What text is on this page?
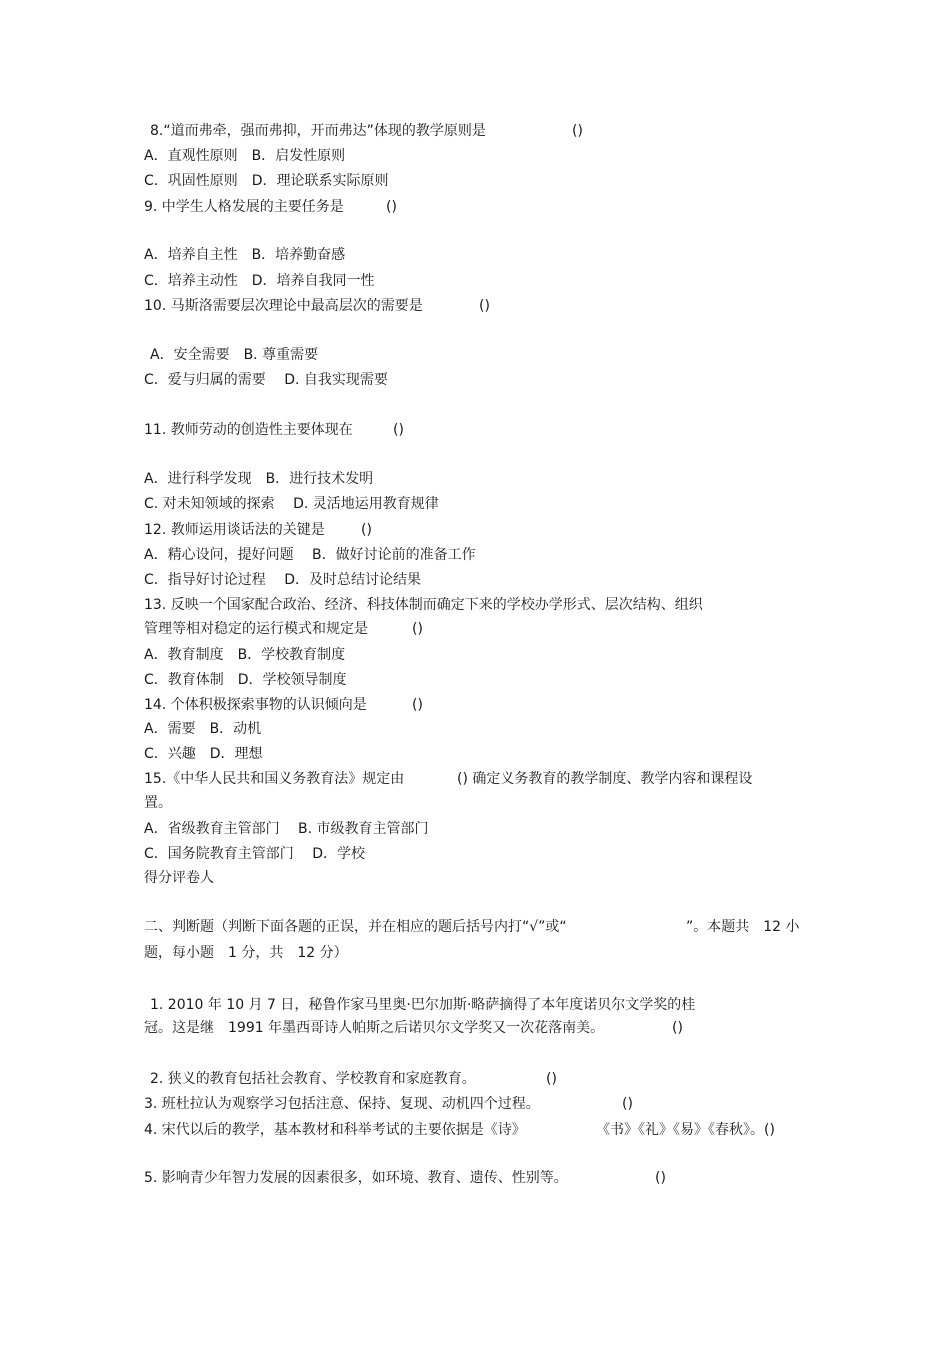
8.“道而弗牵，强而弗抑，开而弗达”体现的教学原则是	()
A．直观性原则　B．启发性原则
C．巩固性原则　D．理论联系实际原则
9. 中学生人格发展的主要任务是	()
A．培养自主性　B．培养勤奋感
C．培养主动性　D．培养自我同一性
10. 马斯洛需要层次理论中最高层次的需要是	()
A．安全需要　B. 尊重需要
C．爱与归属的需要　 D. 自我实现需要
11. 教师劳动的创造性主要体现在	()
A．进行科学发现　B．进行技术发明
C. 对未知领域的探索　 D. 灵活地运用教育规律
12. 教师运用谈话法的关键是	()
A．精心设问，提好问题　 B．做好讨论前的准备工作
C．指导好讨论过程　 D．及时总结讨论结果
13. 反映一个国家配合政治、经济、科技体制而确定下来的学校办学形式、层次结构、组织
管理等相对稳定的运行模式和规定是	()
A．教育制度　B．学校教育制度
C．教育体制　D．学校领导制度
14. 个体积极探索事物的认识倾向是	()
A．需要　B．动机
C．兴趣　D．理想
15.《中华人民共和国义务教育法》规定由	() 确定义务教育的教学制度、教学内容和课程设
置。
A．省级教育主管部门　 B. 市级教育主管部门
C．国务院教育主管部门　 D．学校
得分评卷人
二、判断题（判断下面各题的正误，并在相应的题后括号内打“√”或“	”。本题共　12 小
题，每小题　1 分，共　12 分）
1. 2010 年 10 月 7 日，秘鲁作家马里奥·巴尔加斯·略萨摘得了本年度诺贝尔文学奖的桂
冠。这是继　1991 年墨西哥诗人帕斯之后诺贝尔文学奖又一次花落南美。	()
2. 狭义的教育包括社会教育、学校教育和家庭教育。	()
3. 班杜拉认为观察学习包括注意、保持、复现、动机四个过程。	()
4. 宋代以后的教学，基本教材和科举考试的主要依据是《诗》	《书》《礼》《易》《春秋》。()
5. 影响青少年智力发展的因素很多，如环境、教育、遗传、性别等。	()
